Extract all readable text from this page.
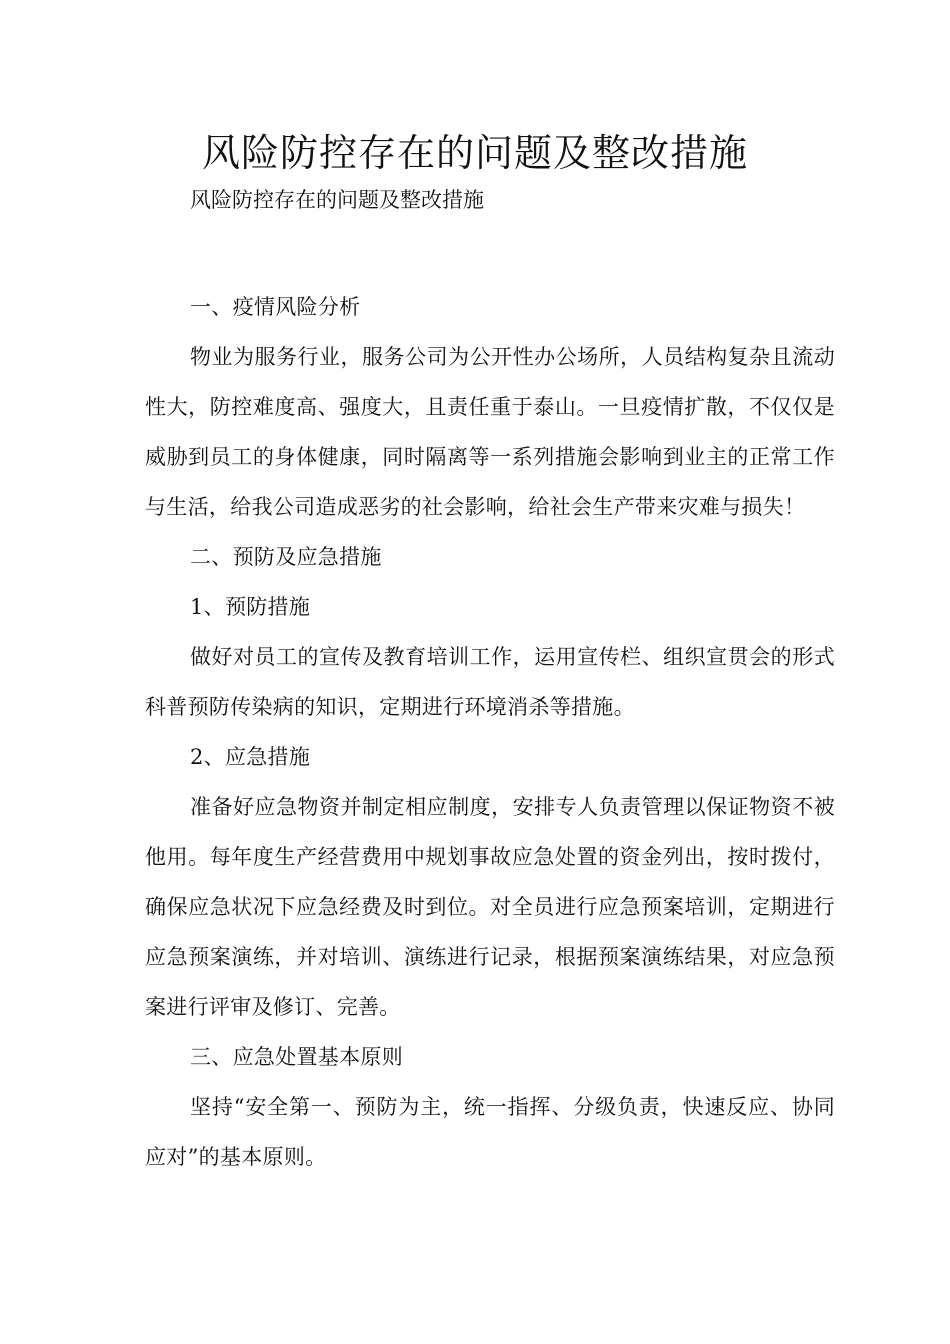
风险防控存在的问题及整改措施
风险防控存在的问题及整改措施

一、疫情风险分析

物业为服务行业，服务公司为公开性办公场所，人员结构复杂且流动性大，防控难度高、强度大，且责任重于泰山。一旦疫情扩散，不仅仅是威胁到员工的身体健康，同时隔离等一系列措施会影响到业主的正常工作与生活，给我公司造成恶劣的社会影响，给社会生产带来灾难与损失！

二、预防及应急措施

1、预防措施

做好对员工的宣传及教育培训工作，运用宣传栏、组织宣贯会的形式科普预防传染病的知识，定期进行环境消杀等措施。

2、应急措施

准备好应急物资并制定相应制度，安排专人负责管理以保证物资不被他用。每年度生产经营费用中规划事故应急处置的资金列出，按时拨付，确保应急状况下应急经费及时到位。对全员进行应急预案培训，定期进行应急预案演练，并对培训、演练进行记录，根据预案演练结果，对应急预案进行评审及修订、完善。

三、应急处置基本原则

坚持“安全第一、预防为主，统一指挥、分级负责，快速反应、协同应对”的基本原则。
